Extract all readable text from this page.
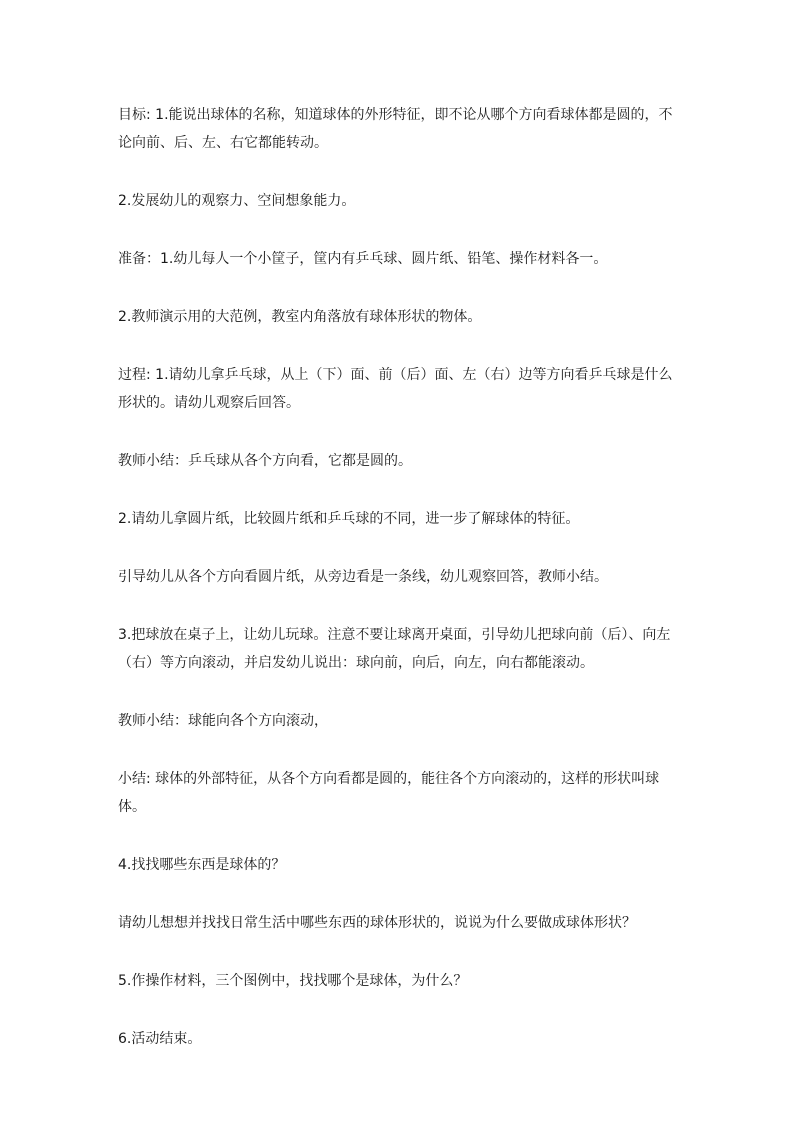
目标: 1.能说出球体的名称，知道球体的外形特征，即不论从哪个方向看球体都是圆的，不论向前、后、左、右它都能转动。

2.发展幼儿的观察力、空间想象能力。

准备：1.幼儿每人一个小筐子，筐内有乒乓球、圆片纸、铅笔、操作材料各一。

2.教师演示用的大范例，教室内角落放有球体形状的物体。

过程: 1.请幼儿拿乒乓球，从上（下）面、前（后）面、左（右）边等方向看乒乓球是什么形状的。请幼儿观察后回答。

教师小结：乒乓球从各个方向看，它都是圆的。

2.请幼儿拿圆片纸，比较圆片纸和乒乓球的不同，进一步了解球体的特征。

引导幼儿从各个方向看圆片纸，从旁边看是一条线，幼儿观察回答，教师小结。

3.把球放在桌子上，让幼儿玩球。注意不要让球离开桌面，引导幼儿把球向前（后）、向左（右）等方向滚动，并启发幼儿说出：球向前，向后，向左，向右都能滚动。

教师小结：球能向各个方向滚动，

小结: 球体的外部特征，从各个方向看都是圆的，能往各个方向滚动的，这样的形状叫球体。

4.找找哪些东西是球体的？

请幼儿想想并找找日常生活中哪些东西的球体形状的，说说为什么要做成球体形状？

5.作操作材料，三个图例中，找找哪个是球体，为什么？

6.活动结束。
